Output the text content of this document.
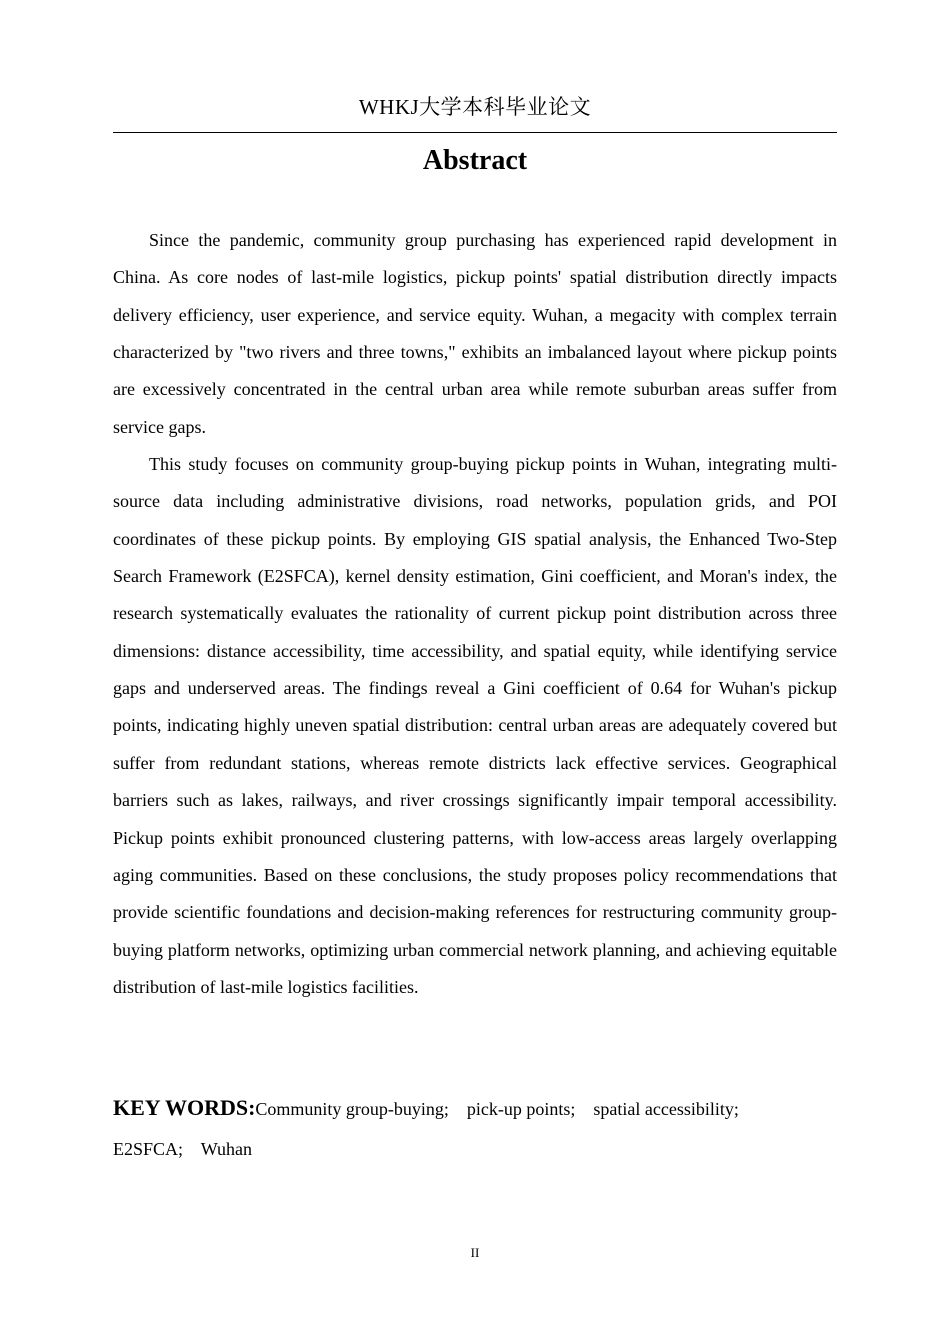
WHKJ大学本科毕业论文
Abstract

Since the pandemic, community group purchasing has experienced rapid development in China. As core nodes of last-mile logistics, pickup points' spatial distribution directly impacts delivery efficiency, user experience, and service equity. Wuhan, a megacity with complex terrain characterized by "two rivers and three towns," exhibits an imbalanced layout where pickup points are excessively concentrated in the central urban area while remote suburban areas suffer from service gaps.

This study focuses on community group-buying pickup points in Wuhan, integrating multi-source data including administrative divisions, road networks, population grids, and POI coordinates of these pickup points. By employing GIS spatial analysis, the Enhanced Two-Step Search Framework (E2SFCA), kernel density estimation, Gini coefficient, and Moran's index, the research systematically evaluates the rationality of current pickup point distribution across three dimensions: distance accessibility, time accessibility, and spatial equity, while identifying service gaps and underserved areas. The findings reveal a Gini coefficient of 0.64 for Wuhan's pickup points, indicating highly uneven spatial distribution: central urban areas are adequately covered but suffer from redundant stations, whereas remote districts lack effective services. Geographical barriers such as lakes, railways, and river crossings significantly impair temporal accessibility. Pickup points exhibit pronounced clustering patterns, with low-access areas largely overlapping aging communities. Based on these conclusions, the study proposes policy recommendations that provide scientific foundations and decision-making references for restructuring community group-buying platform networks, optimizing urban commercial network planning, and achieving equitable distribution of last-mile logistics facilities.

KEY WORDS:Community group-buying; pick-up points; spatial accessibility;
E2SFCA; Wuhan
II
